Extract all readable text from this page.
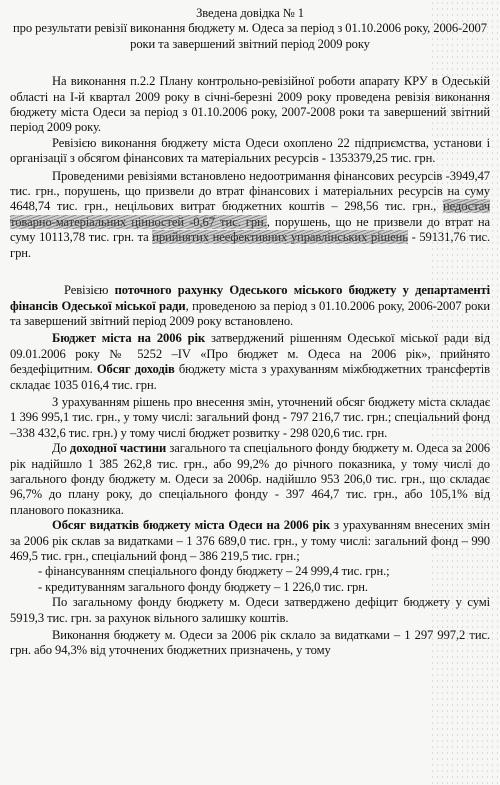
Зведена довідка № 1

про результати ревізії виконання бюджету м. Одеса за період з 01.10.2006 року, 2006-2007 роки та завершений звітний період 2009 року

На виконання п.2.2 Плану контрольно-ревізійної роботи апарату КРУ в Одеській області на І-й квартал 2009 року в січні-березні 2009 року проведена ревізія виконання бюджету міста Одеси за період з 01.10.2006 року, 2007-2008 роки та завершений звітний період 2009 року.

Ревізією виконання бюджету міста Одеси охоплено 22 підприємства, установи і організації з обсягом фінансових та матеріальних ресурсів - 1353379,25 тис. грн.

Проведеними ревізіями встановлено недоотримання фінансових ресурсів -3949,47 тис. грн., порушень, що призвели до втрат фінансових і матеріальних ресурсів на суму 4648,74 тис. грн., нецільових витрат бюджетних коштів – 298,56 тис. грн., недостач товарно-матеріальних цінностей -0,67 тис. грн., порушень, що не призвели до втрат на суму 10113,78 тис. грн. та прийнятих неефективних управлінських рішень - 59131,76 тис. грн.

Ревізією поточного рахунку Одеського міського бюджету у департаменті фінансів Одеської міської ради, проведеною за період з 01.10.2006 року, 2006-2007 роки та завершений звітний період 2009 року встановлено.

Бюджет міста на 2006 рік затверджений рішенням Одеської міської ради від 09.01.2006 року № 5252 –IV «Про бюджет м. Одеса на 2006 рік», прийнято бездефіцитним. Обсяг доходів бюджету міста з урахуванням міжбюджетних трансфертів складає 1035 016,4 тис. грн.

З урахуванням рішень про внесення змін, уточнений обсяг бюджету міста складає 1 396 995,1 тис. грн., у тому числі: загальний фонд - 797 216,7 тис. грн.; спеціальний фонд –338 432,6 тис. грн.) у тому числі бюджет розвитку - 298 020,6 тис. грн.

До доходної частини загального та спеціального фонду бюджету м. Одеса за 2006 рік надійшло 1 385 262,8 тис. грн., або 99,2% до річного показника, у тому числі до загального фонду бюджету м. Одеси за 2006р. надійшло 953 206,0 тис. грн., що складає 96,7% до плану року, до спеціального фонду - 397 464,7 тис. грн., або 105,1% від планового показника.

Обсяг видатків бюджету міста Одеси на 2006 рік з урахуванням внесених змін за 2006 рік склав за видатками – 1 376 689,0 тис. грн., у тому числі: загальний фонд – 990 469,5 тис. грн., спеціальний фонд – 386 219,5 тис. грн.;

- фінансуванням спеціального фонду бюджету – 24 999,4 тис. грн.;

- кредитуванням загального фонду бюджету – 1 226,0 тис. грн.

По загальному фонду бюджету м. Одеси затверджено дефіцит бюджету у сумі 5919,3 тис. грн. за рахунок вільного залишку коштів.

Виконання бюджету м. Одеси за 2006 рік склало за видатками – 1 297 997,2 тис. грн. або 94,3% від уточнених бюджетних призначень, у тому
